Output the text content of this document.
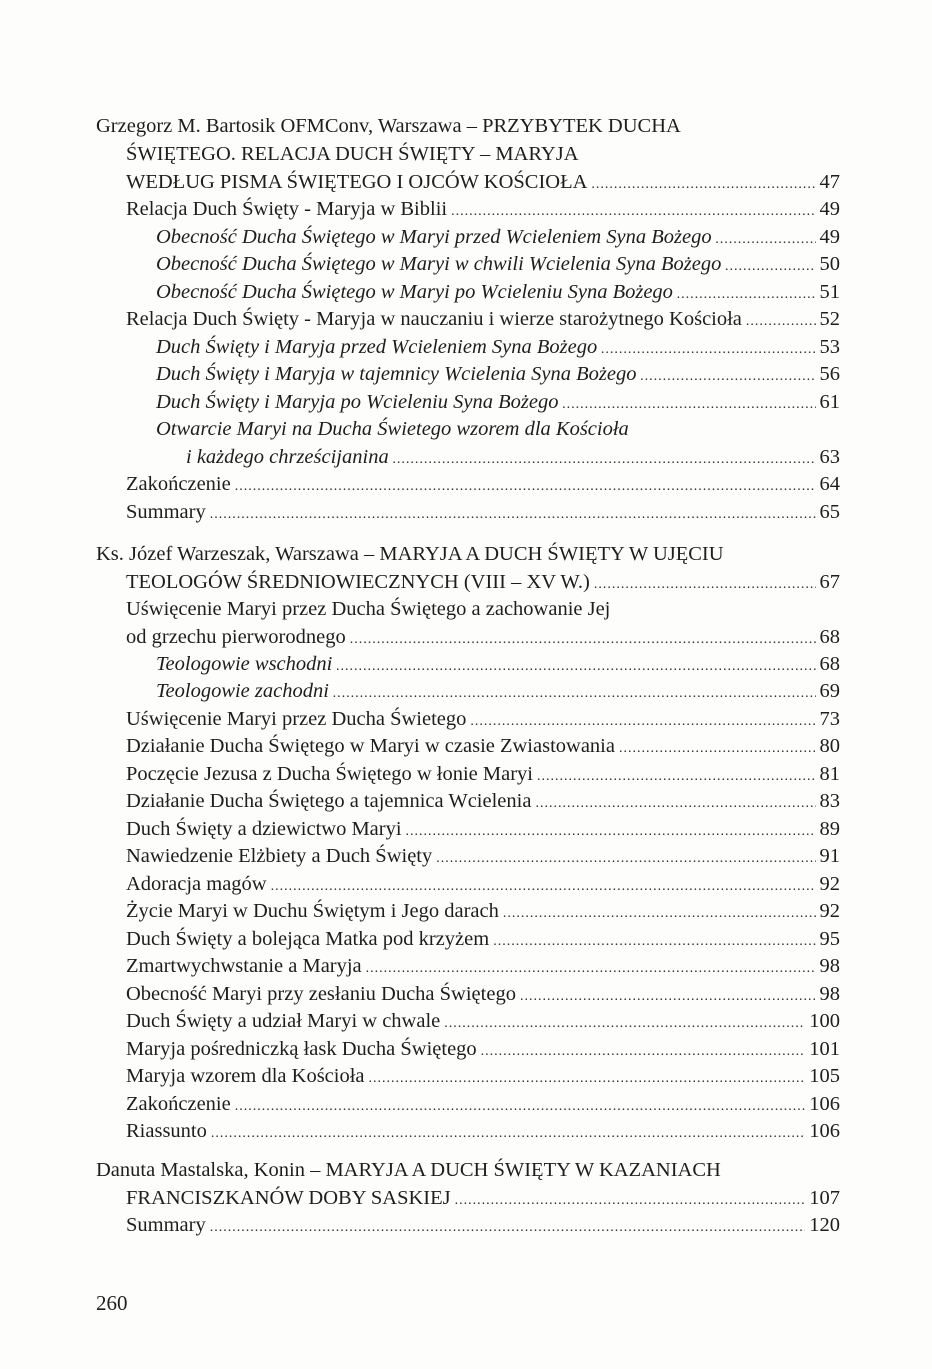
Grzegorz M. Bartosik OFMConv, Warszawa – PRZYBYTEK DUCHA
ŚWIĘTEGO. RELACJA DUCH ŚWIĘTY – MARYJA
WEDŁUG PISMA ŚWIĘTEGO I OJCÓW KOŚCIOŁA .....	47
Relacja Duch Święty - Maryja w Biblii .....	49
Obecność Ducha Świętego w Maryi przed Wcieleniem Syna Bożego .....	49
Obecność Ducha Świętego w Maryi w chwili Wcielenia Syna Bożego .....	50
Obecność Ducha Świętego w Maryi po Wcieleniu Syna Bożego .....	51
Relacja Duch Święty - Maryja w nauczaniu i wierze starożytnego Kościoła .....	52
Duch Święty i Maryja przed Wcieleniem Syna Bożego .....	53
Duch Święty i Maryja w tajemnicy Wcielenia Syna Bożego .....	56
Duch Święty i Maryja po Wcieleniu Syna Bożego .....	61
Otwarcie Maryi na Ducha Świetego wzorem dla Kościoła
i każdego chrześcijanina .....	63
Zakończenie .....	64
Summary .....	65
Ks. Józef Warzeszak, Warszawa – MARYJA A DUCH ŚWIĘTY W UJĘCIU
TEOLOGÓW ŚREDNIOWIECZNYCH (VIII – XV W.) .....	67
Uświęcenie Maryi przez Ducha Świętego a zachowanie Jej
od grzechu pierworodnego .....	68
Teologowie wschodni .....	68
Teologowie zachodni .....	69
Uświęcenie Maryi przez Ducha Świetego .....	73
Działanie Ducha Świętego w Maryi w czasie Zwiastowania .....	80
Poczęcie Jezusa z Ducha Świętego w łonie Maryi .....	81
Działanie Ducha Świętego a tajemnica Wcielenia .....	83
Duch Święty a dziewictwo Maryi .....	89
Nawiedzenie Elżbiety a Duch Święty .....	91
Adoracja magów .....	92
Życie Maryi w Duchu Świętym i Jego darach .....	92
Duch Święty a bolejąca Matka pod krzyżem .....	95
Zmartwychwstanie a Maryja .....	98
Obecność Maryi przy zesłaniu Ducha Świętego .....	98
Duch Święty a udział Maryi w chwale .....	100
Maryja pośredniczką łask Ducha Świętego .....	101
Maryja wzorem dla Kościoła .....	105
Zakończenie .....	106
Riassunto .....	106
Danuta Mastalska, Konin – MARYJA A DUCH ŚWIĘTY W KAZANIACH
FRANCISZKANÓW DOBY SASKIEJ .....	107
Summary .....	120
260
